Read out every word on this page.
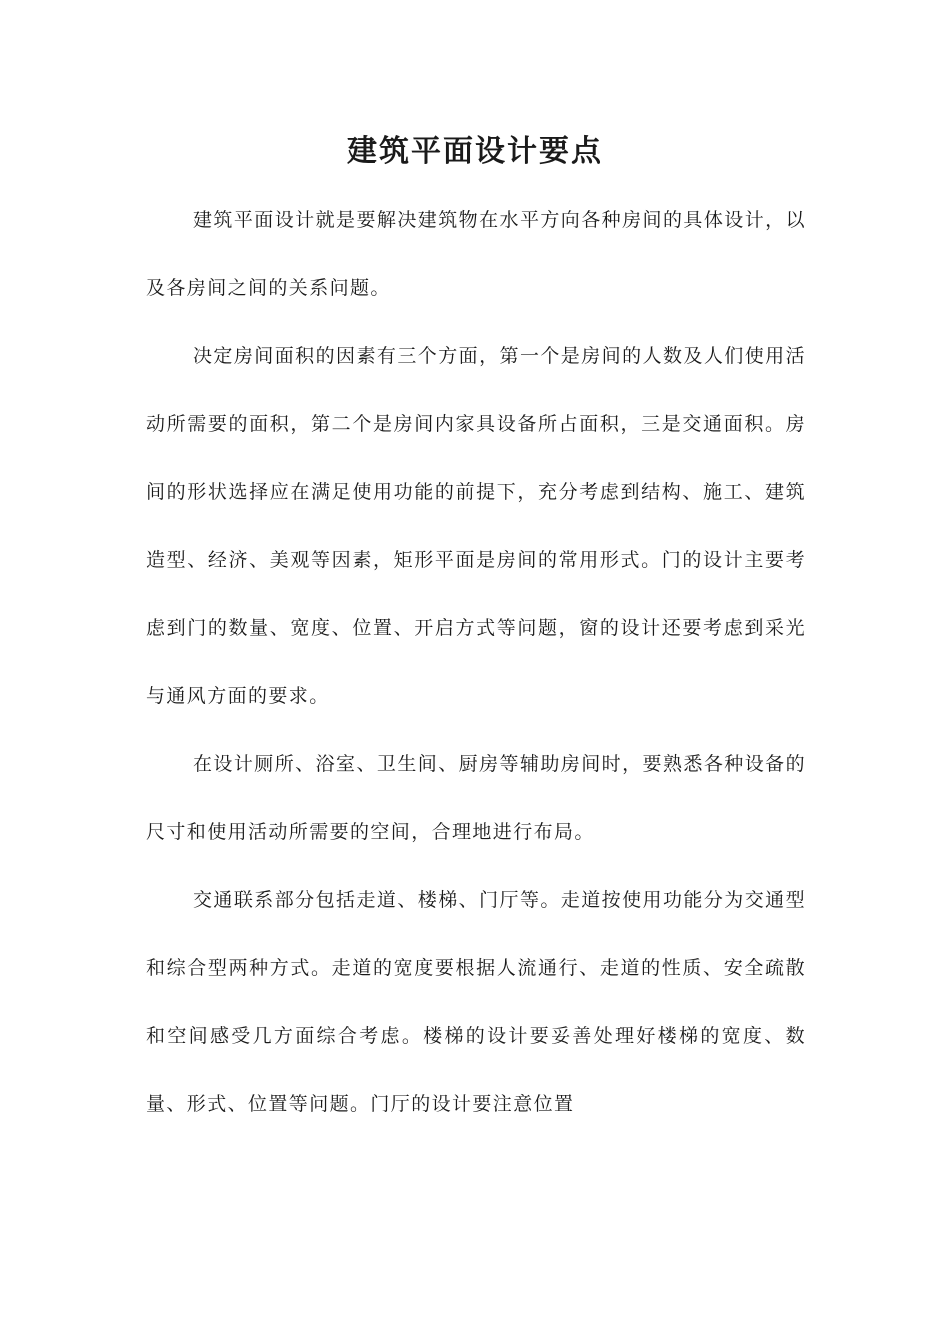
建筑平面设计要点

建筑平面设计就是要解决建筑物在水平方向各种房间的具体设计，以及各房间之间的关系问题。

决定房间面积的因素有三个方面，第一个是房间的人数及人们使用活动所需要的面积，第二个是房间内家具设备所占面积，三是交通面积。房间的形状选择应在满足使用功能的前提下，充分考虑到结构、施工、建筑造型、经济、美观等因素，矩形平面是房间的常用形式。门的设计主要考虑到门的数量、宽度、位置、开启方式等问题，窗的设计还要考虑到采光与通风方面的要求。

在设计厕所、浴室、卫生间、厨房等辅助房间时，要熟悉各种设备的尺寸和使用活动所需要的空间，合理地进行布局。

交通联系部分包括走道、楼梯、门厅等。走道按使用功能分为交通型和综合型两种方式。走道的宽度要根据人流通行、走道的性质、安全疏散和空间感受几方面综合考虑。楼梯的设计要妥善处理好楼梯的宽度、数量、形式、位置等问题。门厅的设计要注意位置
